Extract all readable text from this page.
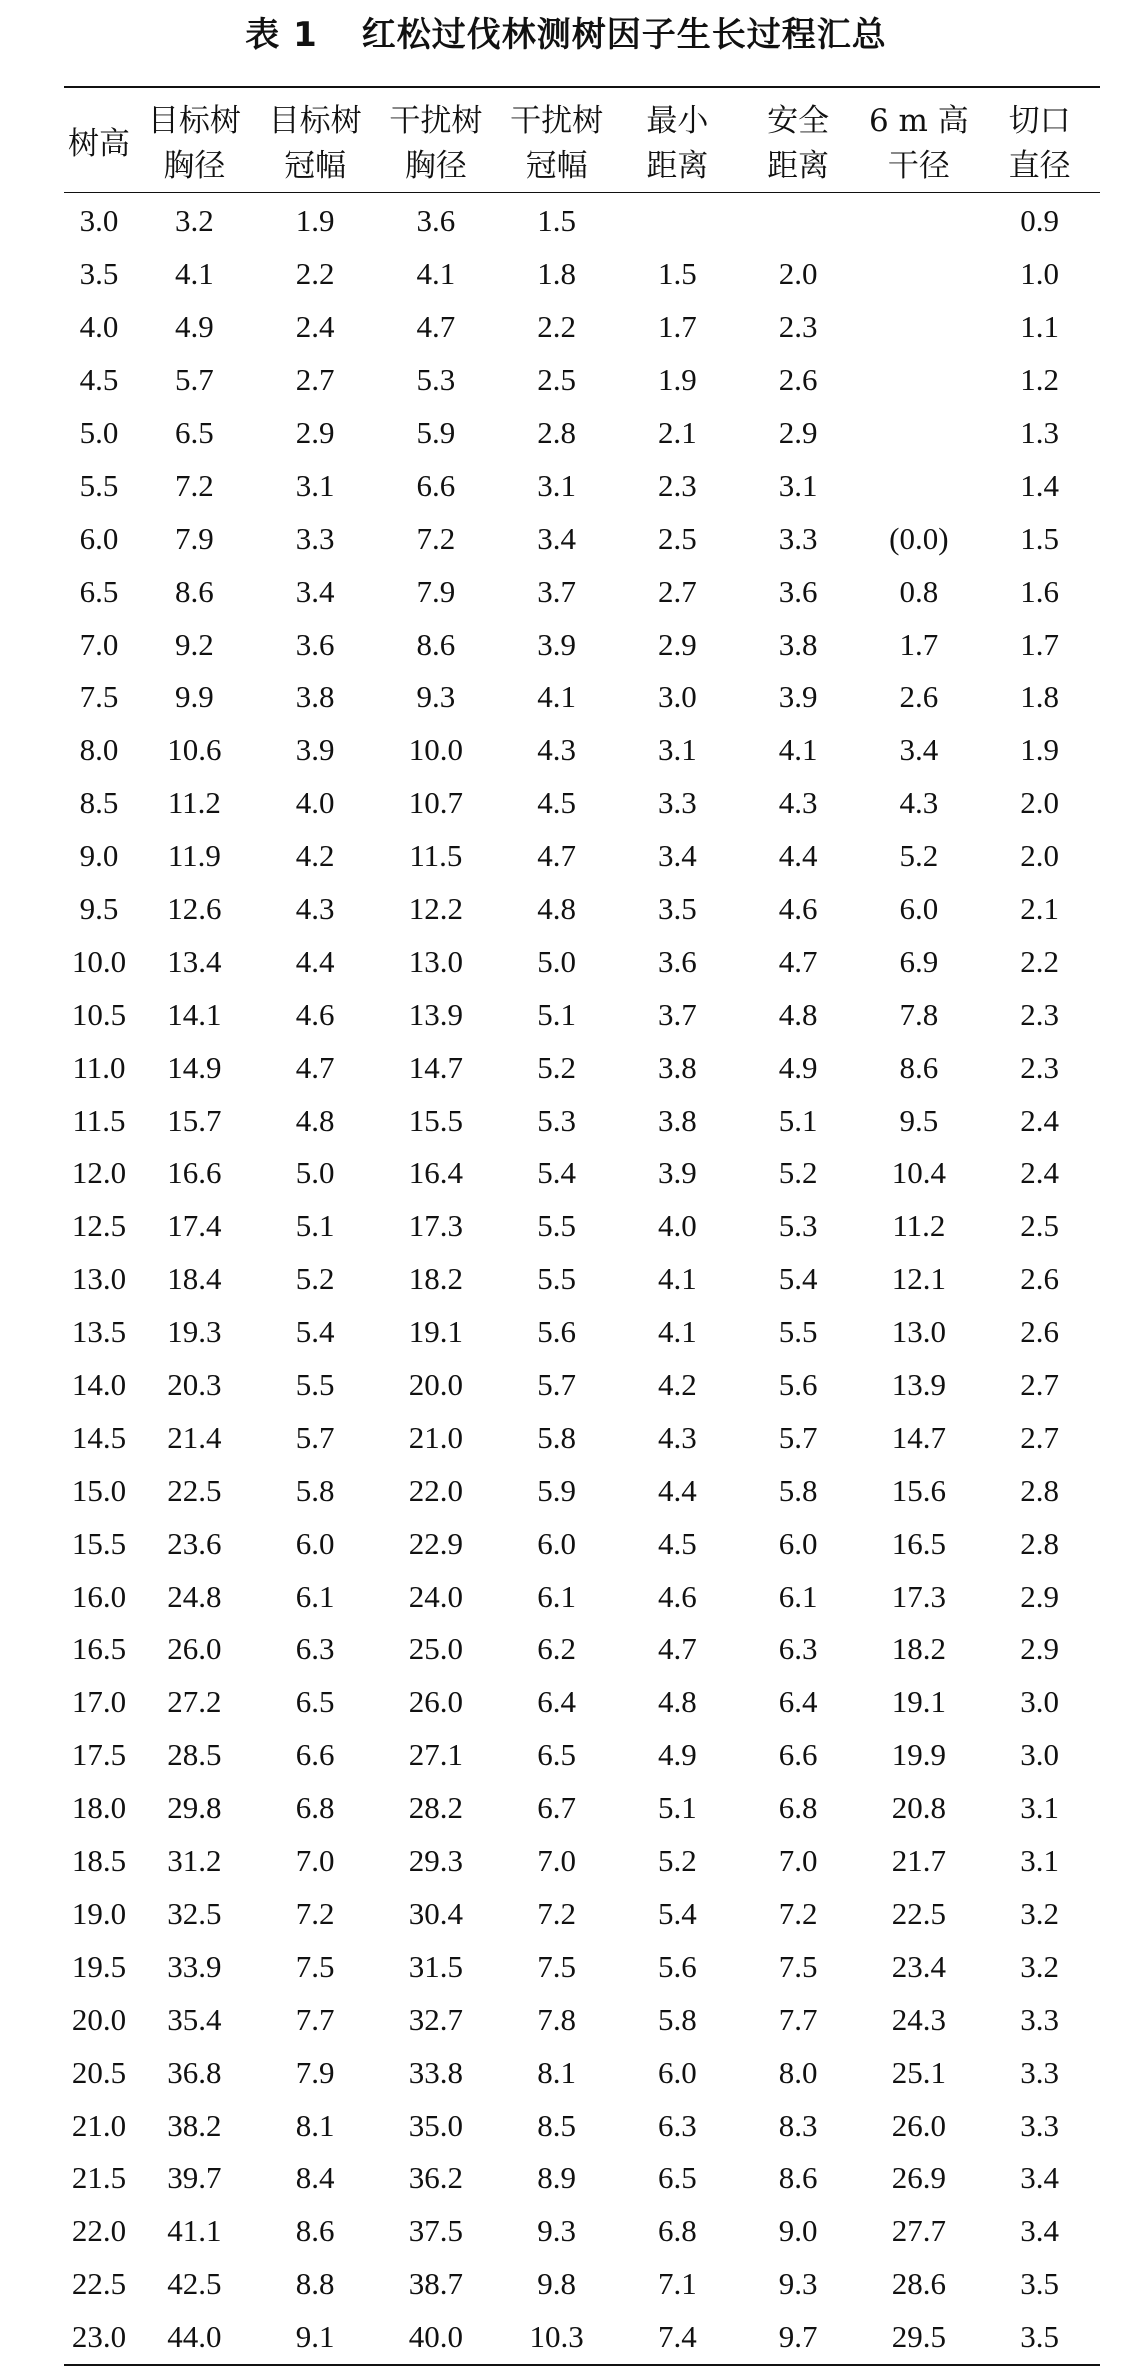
表 1 红松过伐林测树因子生长过程汇总
树高	目标树	目标树	干扰树	干扰树	最小	安全	6 m 高	切口
	胸径	冠幅	胸径	冠幅	距离	距离	干径	直径
3.0	3.2	1.9	3.6	1.5				0.9
3.5	4.1	2.2	4.1	1.8	1.5	2.0		1.0
4.0	4.9	2.4	4.7	2.2	1.7	2.3		1.1
4.5	5.7	2.7	5.3	2.5	1.9	2.6		1.2
5.0	6.5	2.9	5.9	2.8	2.1	2.9		1.3
5.5	7.2	3.1	6.6	3.1	2.3	3.1		1.4
6.0	7.9	3.3	7.2	3.4	2.5	3.3	(0.0)	1.5
6.5	8.6	3.4	7.9	3.7	2.7	3.6	0.8	1.6
7.0	9.2	3.6	8.6	3.9	2.9	3.8	1.7	1.7
7.5	9.9	3.8	9.3	4.1	3.0	3.9	2.6	1.8
8.0	10.6	3.9	10.0	4.3	3.1	4.1	3.4	1.9
8.5	11.2	4.0	10.7	4.5	3.3	4.3	4.3	2.0
9.0	11.9	4.2	11.5	4.7	3.4	4.4	5.2	2.0
9.5	12.6	4.3	12.2	4.8	3.5	4.6	6.0	2.1
10.0	13.4	4.4	13.0	5.0	3.6	4.7	6.9	2.2
10.5	14.1	4.6	13.9	5.1	3.7	4.8	7.8	2.3
11.0	14.9	4.7	14.7	5.2	3.8	4.9	8.6	2.3
11.5	15.7	4.8	15.5	5.3	3.8	5.1	9.5	2.4
12.0	16.6	5.0	16.4	5.4	3.9	5.2	10.4	2.4
12.5	17.4	5.1	17.3	5.5	4.0	5.3	11.2	2.5
13.0	18.4	5.2	18.2	5.5	4.1	5.4	12.1	2.6
13.5	19.3	5.4	19.1	5.6	4.1	5.5	13.0	2.6
14.0	20.3	5.5	20.0	5.7	4.2	5.6	13.9	2.7
14.5	21.4	5.7	21.0	5.8	4.3	5.7	14.7	2.7
15.0	22.5	5.8	22.0	5.9	4.4	5.8	15.6	2.8
15.5	23.6	6.0	22.9	6.0	4.5	6.0	16.5	2.8
16.0	24.8	6.1	24.0	6.1	4.6	6.1	17.3	2.9
16.5	26.0	6.3	25.0	6.2	4.7	6.3	18.2	2.9
17.0	27.2	6.5	26.0	6.4	4.8	6.4	19.1	3.0
17.5	28.5	6.6	27.1	6.5	4.9	6.6	19.9	3.0
18.0	29.8	6.8	28.2	6.7	5.1	6.8	20.8	3.1
18.5	31.2	7.0	29.3	7.0	5.2	7.0	21.7	3.1
19.0	32.5	7.2	30.4	7.2	5.4	7.2	22.5	3.2
19.5	33.9	7.5	31.5	7.5	5.6	7.5	23.4	3.2
20.0	35.4	7.7	32.7	7.8	5.8	7.7	24.3	3.3
20.5	36.8	7.9	33.8	8.1	6.0	8.0	25.1	3.3
21.0	38.2	8.1	35.0	8.5	6.3	8.3	26.0	3.3
21.5	39.7	8.4	36.2	8.9	6.5	8.6	26.9	3.4
22.0	41.1	8.6	37.5	9.3	6.8	9.0	27.7	3.4
22.5	42.5	8.8	38.7	9.8	7.1	9.3	28.6	3.5
23.0	44.0	9.1	40.0	10.3	7.4	9.7	29.5	3.5
